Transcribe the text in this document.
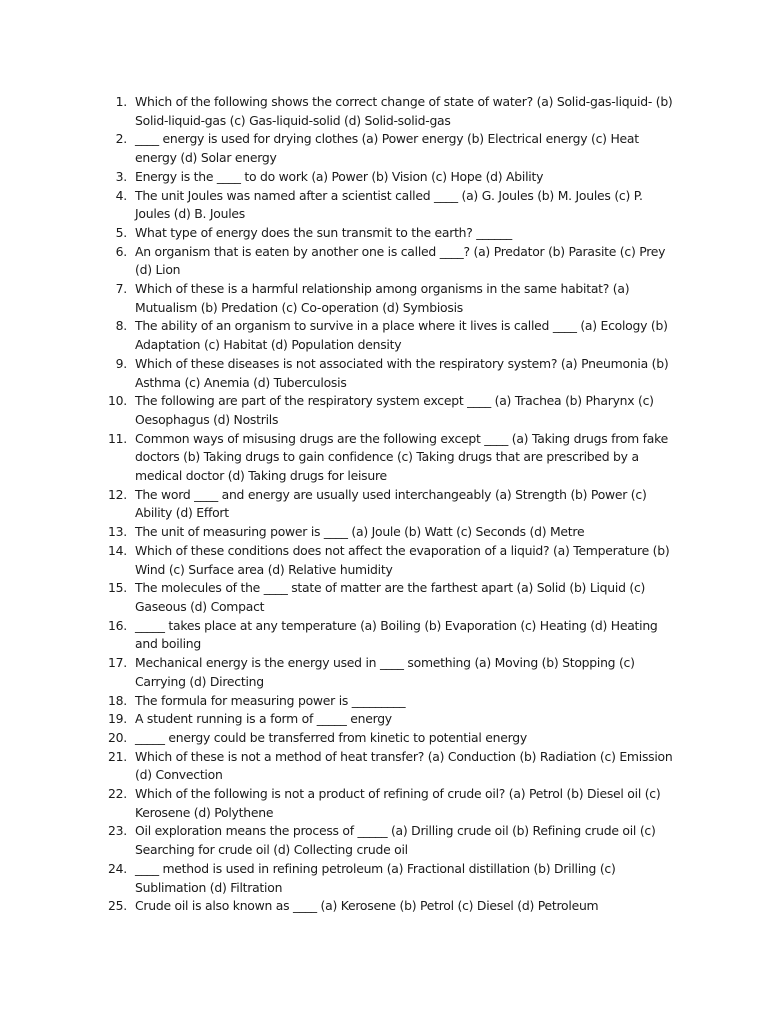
1. Which of the following shows the correct change of state of water? (a) Solid-gas-liquid- (b) Solid-liquid-gas (c) Gas-liquid-solid (d) Solid-solid-gas
2. ____ energy is used for drying clothes (a) Power energy (b) Electrical energy (c) Heat energy (d) Solar energy
3. Energy is the ____ to do work (a) Power (b) Vision (c) Hope (d) Ability
4. The unit Joules was named after a scientist called ____ (a) G. Joules (b) M. Joules (c) P. Joules (d) B. Joules
5. What type of energy does the sun transmit to the earth? ______
6. An organism that is eaten by another one is called ____? (a) Predator (b) Parasite (c) Prey (d) Lion
7. Which of these is a harmful relationship among organisms in the same habitat? (a) Mutualism (b) Predation (c) Co-operation (d) Symbiosis
8. The ability of an organism to survive in a place where it lives is called ____ (a) Ecology (b) Adaptation (c) Habitat (d) Population density
9. Which of these diseases is not associated with the respiratory system? (a) Pneumonia (b) Asthma (c) Anemia (d) Tuberculosis
10. The following are part of the respiratory system except ____ (a) Trachea (b) Pharynx (c) Oesophagus (d) Nostrils
11. Common ways of misusing drugs are the following except ____ (a) Taking drugs from fake doctors (b) Taking drugs to gain confidence (c) Taking drugs that are prescribed by a medical doctor (d) Taking drugs for leisure
12. The word ____ and energy are usually used interchangeably (a) Strength (b) Power (c) Ability (d) Effort
13. The unit of measuring power is ____ (a) Joule (b) Watt (c) Seconds (d) Metre
14. Which of these conditions does not affect the evaporation of a liquid? (a) Temperature (b) Wind (c) Surface area (d) Relative humidity
15. The molecules of the ____ state of matter are the farthest apart (a) Solid (b) Liquid (c) Gaseous (d) Compact
16. _____ takes place at any temperature (a) Boiling (b) Evaporation (c) Heating (d) Heating and boiling
17. Mechanical energy is the energy used in ____ something (a) Moving (b) Stopping (c) Carrying (d) Directing
18. The formula for measuring power is _________
19. A student running is a form of _____ energy
20. _____ energy could be transferred from kinetic to potential energy
21. Which of these is not a method of heat transfer? (a) Conduction (b) Radiation (c) Emission (d) Convection
22. Which of the following is not a product of refining of crude oil? (a) Petrol (b) Diesel oil (c) Kerosene (d) Polythene
23. Oil exploration means the process of _____ (a) Drilling crude oil (b) Refining crude oil (c) Searching for crude oil (d) Collecting crude oil
24. ____ method is used in refining petroleum (a) Fractional distillation (b) Drilling (c) Sublimation (d) Filtration
25. Crude oil is also known as ____ (a) Kerosene (b) Petrol (c) Diesel (d) Petroleum
